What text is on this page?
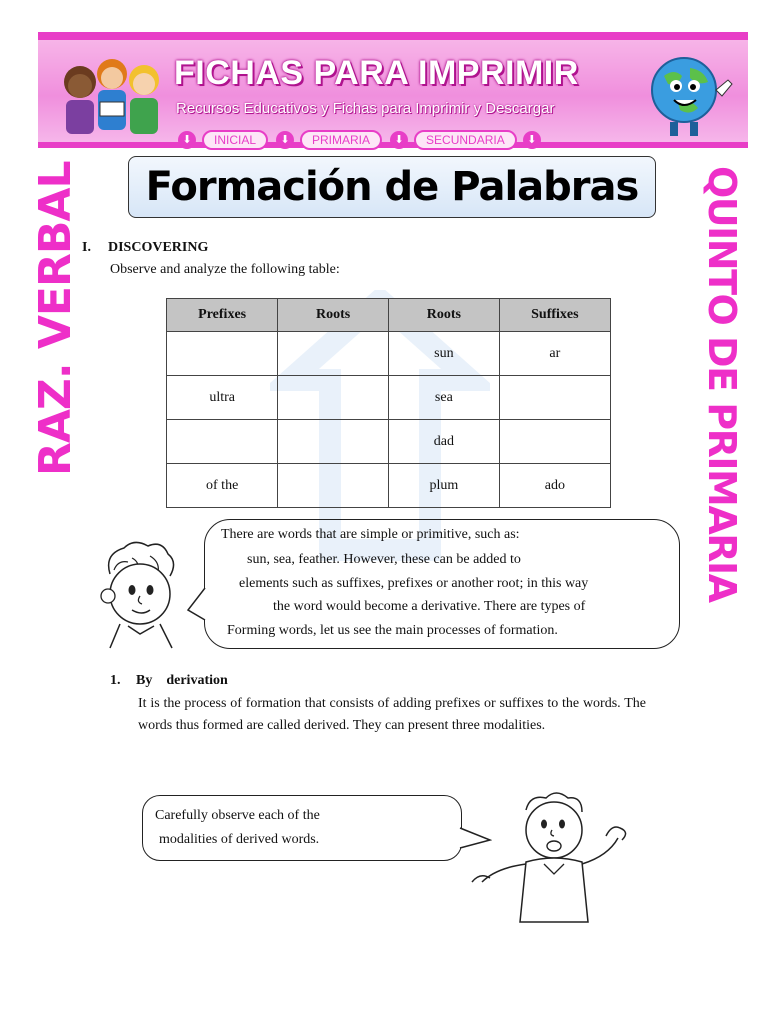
FICHAS PARA IMPRIMIR
Recursos Educativos y Fichas para Imprimir y Descargar
⬇	INICIAL	⬇	PRIMARIA	⬇	SECUNDARIA	⬇
Formación de Palabras
RAZ. VERBAL	QUINTO DE PRIMARIA
I. DISCOVERING
Observe and analyze the following table:
Prefixes	Roots	Roots	Suffixes
		sun	ar
ultra		sea	
		dad	
of the		plum	ado
There are words that are simple or primitive, such as:
sun, sea, feather. However, these can be added to
elements such as suffixes, prefixes or another root; in this way
the word would become a derivative. There are types of
Forming words, let us see the main processes of formation.
1. By    derivation
It is the process of formation that consists of adding prefixes or suffixes to the words. The words thus formed are called derived. They can present three modalities.
Carefully observe each of the
modalities of derived words.
